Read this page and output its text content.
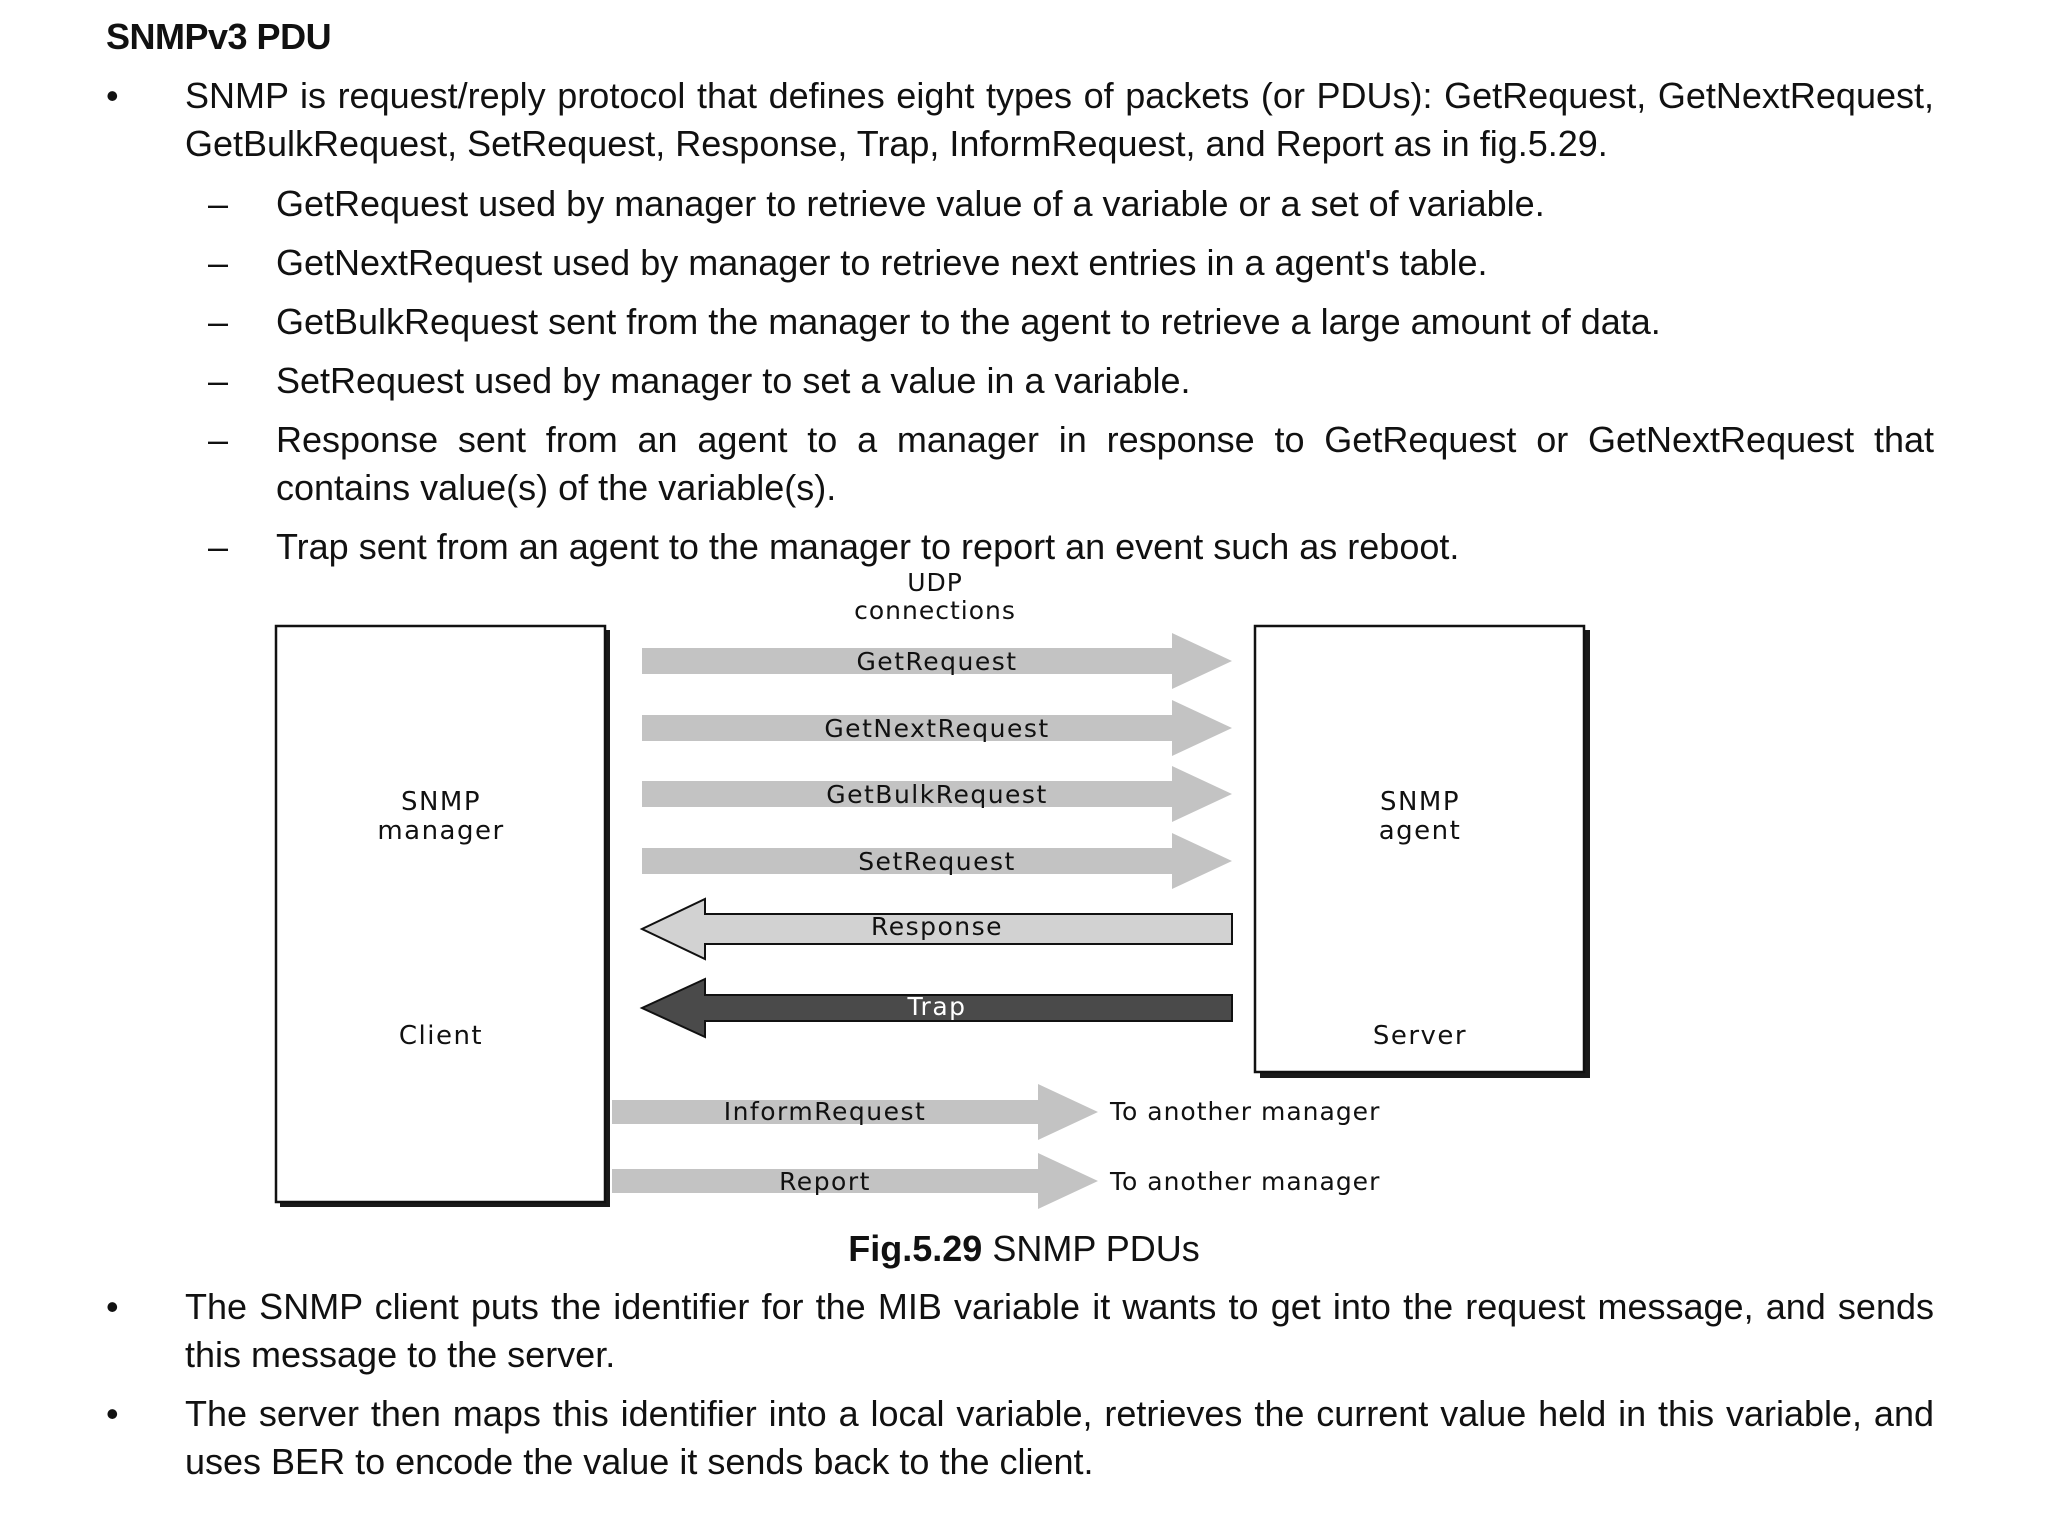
SNMPv3 PDU
•	SNMP is request/reply protocol that defines eight types of packets (or PDUs): GetRequest, GetNextRequest, GetBulkRequest, SetRequest, Response, Trap, InformRequest, and Report as in fig.5.29.
– GetRequest used by manager to retrieve value of a variable or a set of variable.
– GetNextRequest used by manager to retrieve next entries in a agent's table.
– GetBulkRequest sent from the manager to the agent to retrieve a large amount of data.
– SetRequest used by manager to set a value in a variable.
– Response sent from an agent to a manager in response to GetRequest or GetNextRequest that contains value(s) of the variable(s).
– Trap sent from an agent to the manager to report an event such as reboot.
UDP
connections
SNMP
manager
Client
SNMP
agent
Server
GetRequest
GetNextRequest
GetBulkRequest
SetRequest
Response
Trap
InformRequest	To another manager
Report	To another manager
Fig.5.29 SNMP PDUs
•	The SNMP client puts the identifier for the MIB variable it wants to get into the request message, and sends this message to the server.
•	The server then maps this identifier into a local variable, retrieves the current value held in this variable, and uses BER to encode the value it sends back to the client.
